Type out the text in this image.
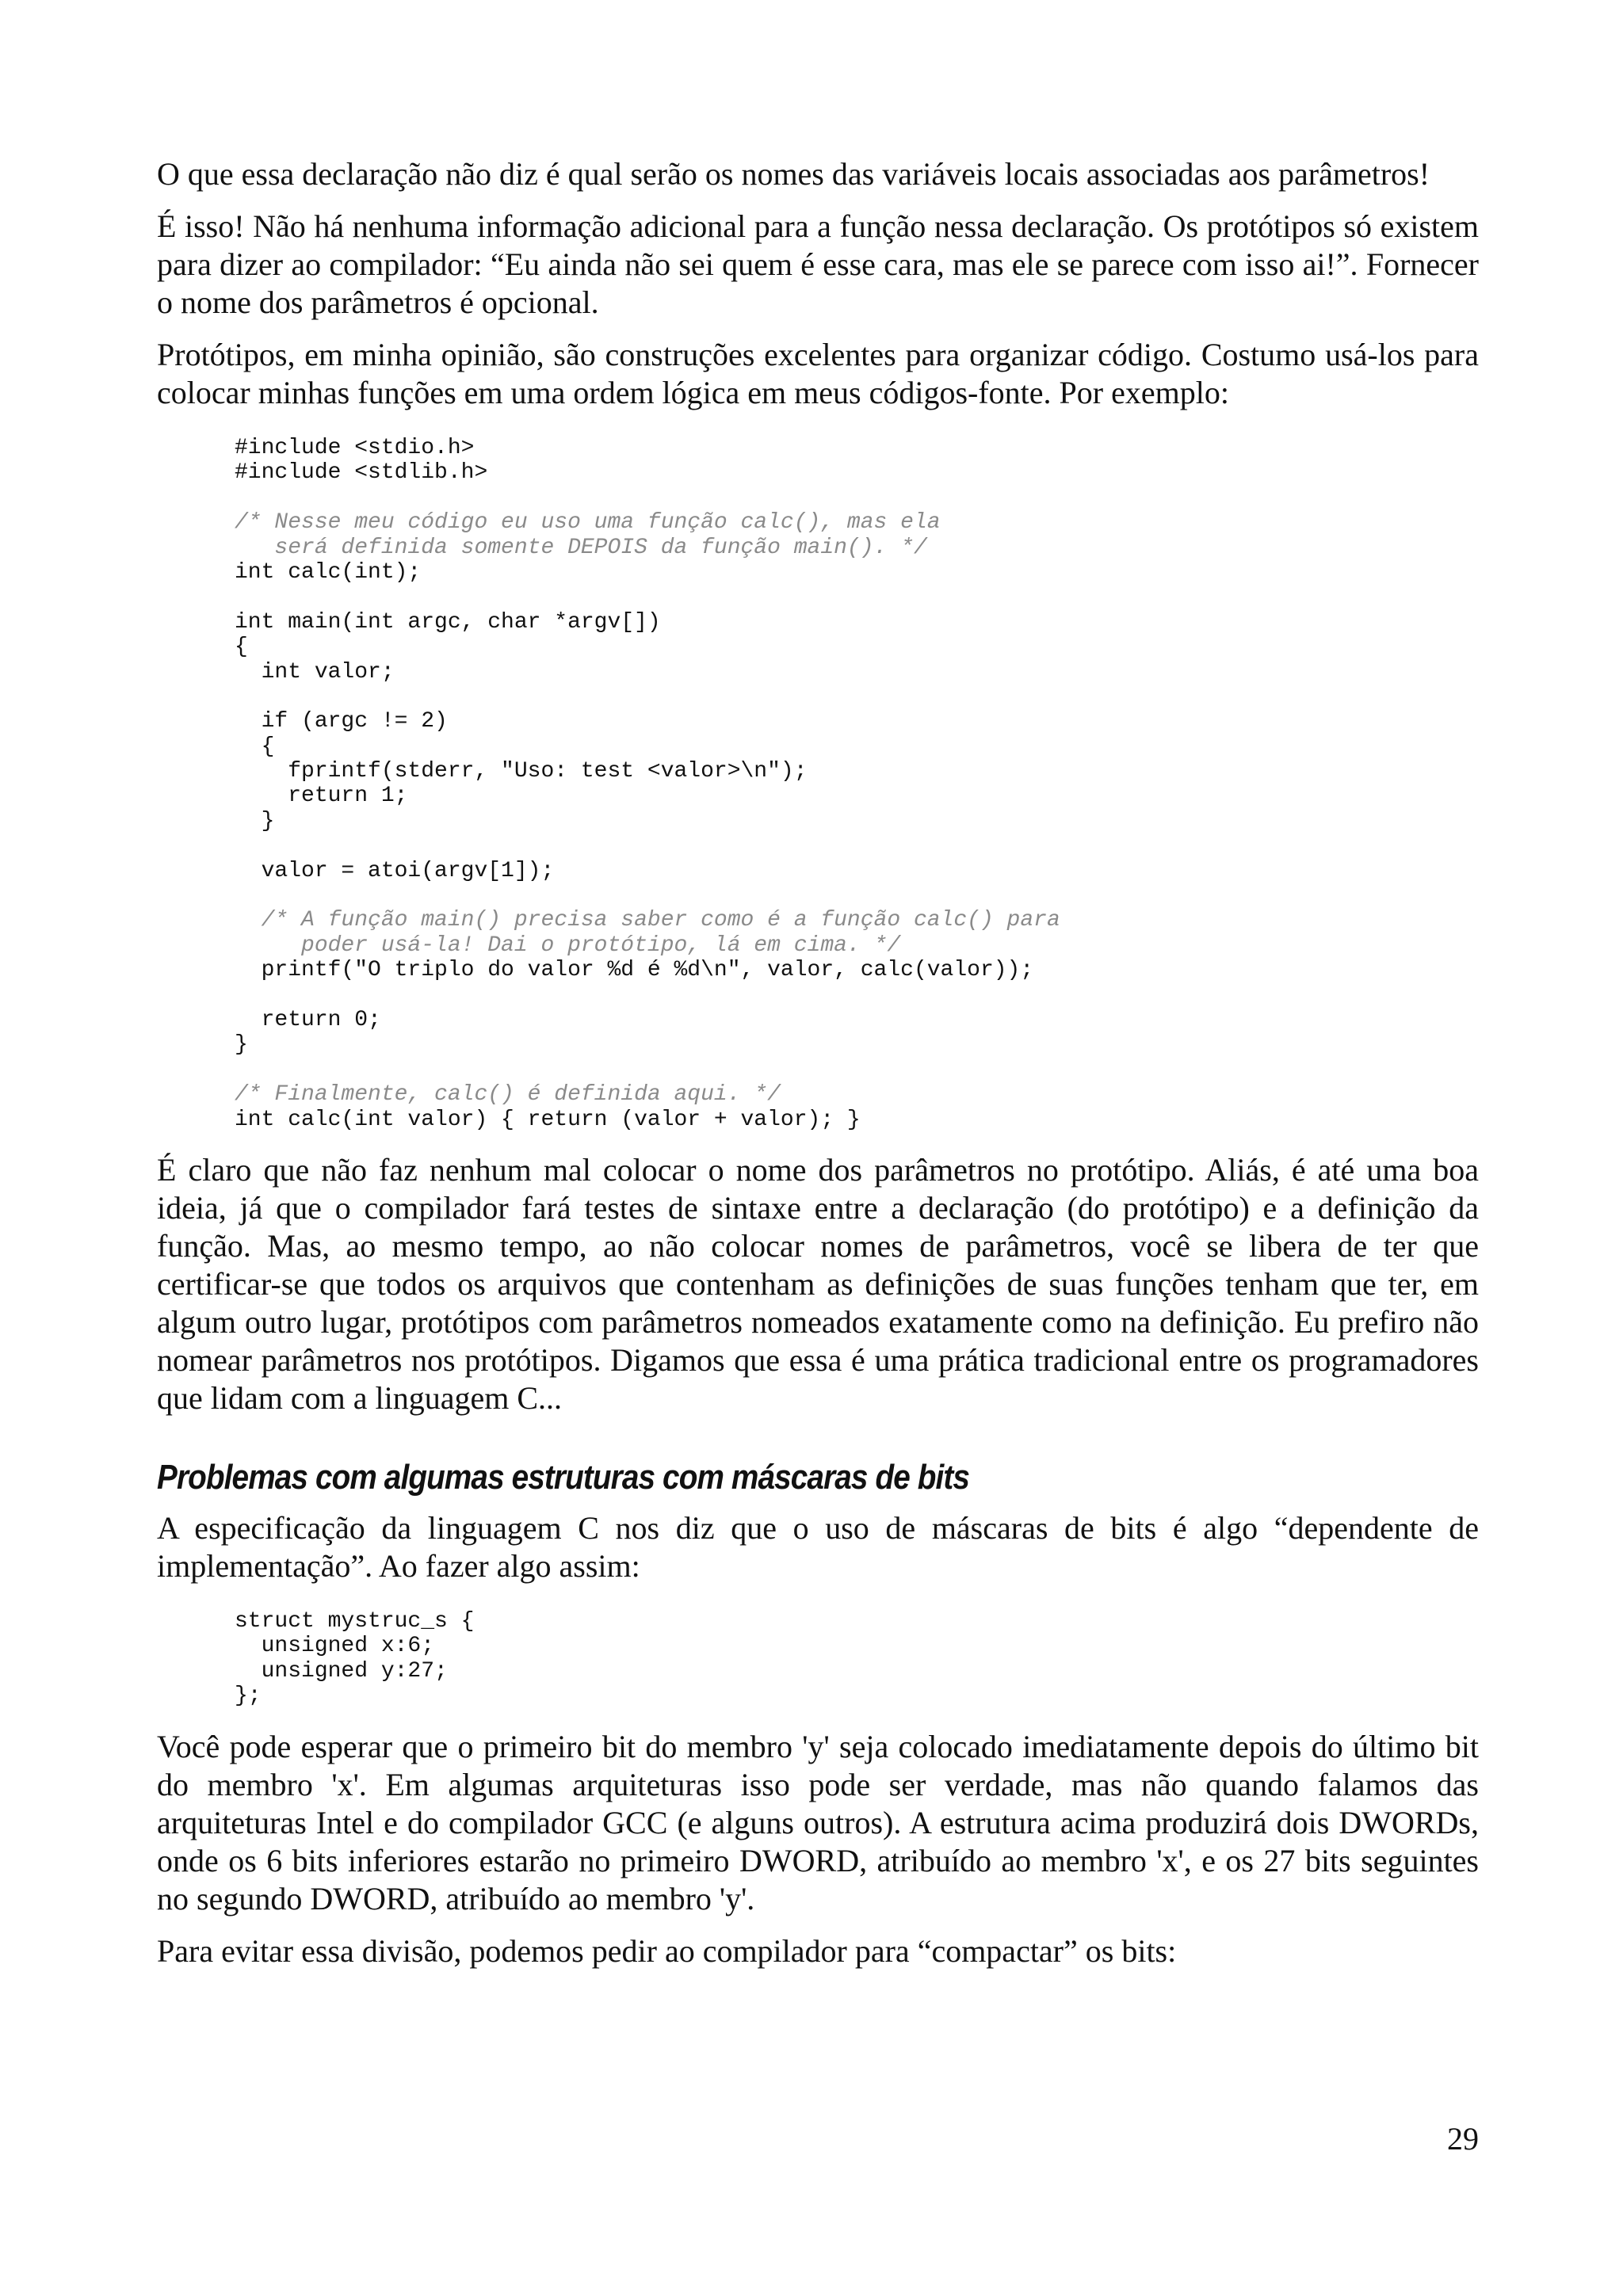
O que essa declaração não diz é qual serão os nomes das variáveis locais associadas aos parâmetros!

É isso! Não há nenhuma informação adicional para a função nessa declaração. Os protótipos só existem para dizer ao compilador: “Eu ainda não sei quem é esse cara, mas ele se parece com isso ai!”. Fornecer o nome dos parâmetros é opcional.

Protótipos, em minha opinião, são construções excelentes para organizar código. Costumo usá-los para colocar minhas funções em uma ordem lógica em meus códigos-fonte. Por exemplo:

#include <stdio.h>
#include <stdlib.h>
/* Nesse meu código eu uso uma função calc(), mas ela
será definida somente DEPOIS da função main(). */
int calc(int);
int main(int argc, char *argv[])
{
int valor;
if (argc != 2)
{
fprintf(stderr, "Uso: test <valor>\n");
return 1;
}
valor = atoi(argv[1]);
/* A função main() precisa saber como é a função calc() para
poder usá-la! Dai o protótipo, lá em cima. */
printf("O triplo do valor %d é %d\n", valor, calc(valor));
return 0;
}
/* Finalmente, calc() é definida aqui. */
int calc(int valor) { return (valor + valor); }

É claro que não faz nenhum mal colocar o nome dos parâmetros no protótipo. Aliás, é até uma boa ideia, já que o compilador fará testes de sintaxe entre a declaração (do protótipo) e a definição da função. Mas, ao mesmo tempo, ao não colocar nomes de parâmetros, você se libera de ter que certificar-se que todos os arquivos que contenham as definições de suas funções tenham que ter, em algum outro lugar, protótipos com parâmetros nomeados exatamente como na definição. Eu prefiro não nomear parâmetros nos protótipos. Digamos que essa é uma prática tradicional entre os programadores que lidam com a linguagem C...

Problemas com algumas estruturas com máscaras de bits

A especificação da linguagem C nos diz que o uso de máscaras de bits é algo “dependente de implementação”. Ao fazer algo assim:

struct mystruc_s {
unsigned x:6;
unsigned y:27;
};

Você pode esperar que o primeiro bit do membro 'y' seja colocado imediatamente depois do último bit do membro 'x'. Em algumas arquiteturas isso pode ser verdade, mas não quando falamos das arquiteturas Intel e do compilador GCC (e alguns outros). A estrutura acima produzirá dois DWORDs, onde os 6 bits inferiores estarão no primeiro DWORD, atribuído ao membro 'x', e os 27 bits seguintes no segundo DWORD, atribuído ao membro 'y'.

Para evitar essa divisão, podemos pedir ao compilador para “compactar” os bits:

29
